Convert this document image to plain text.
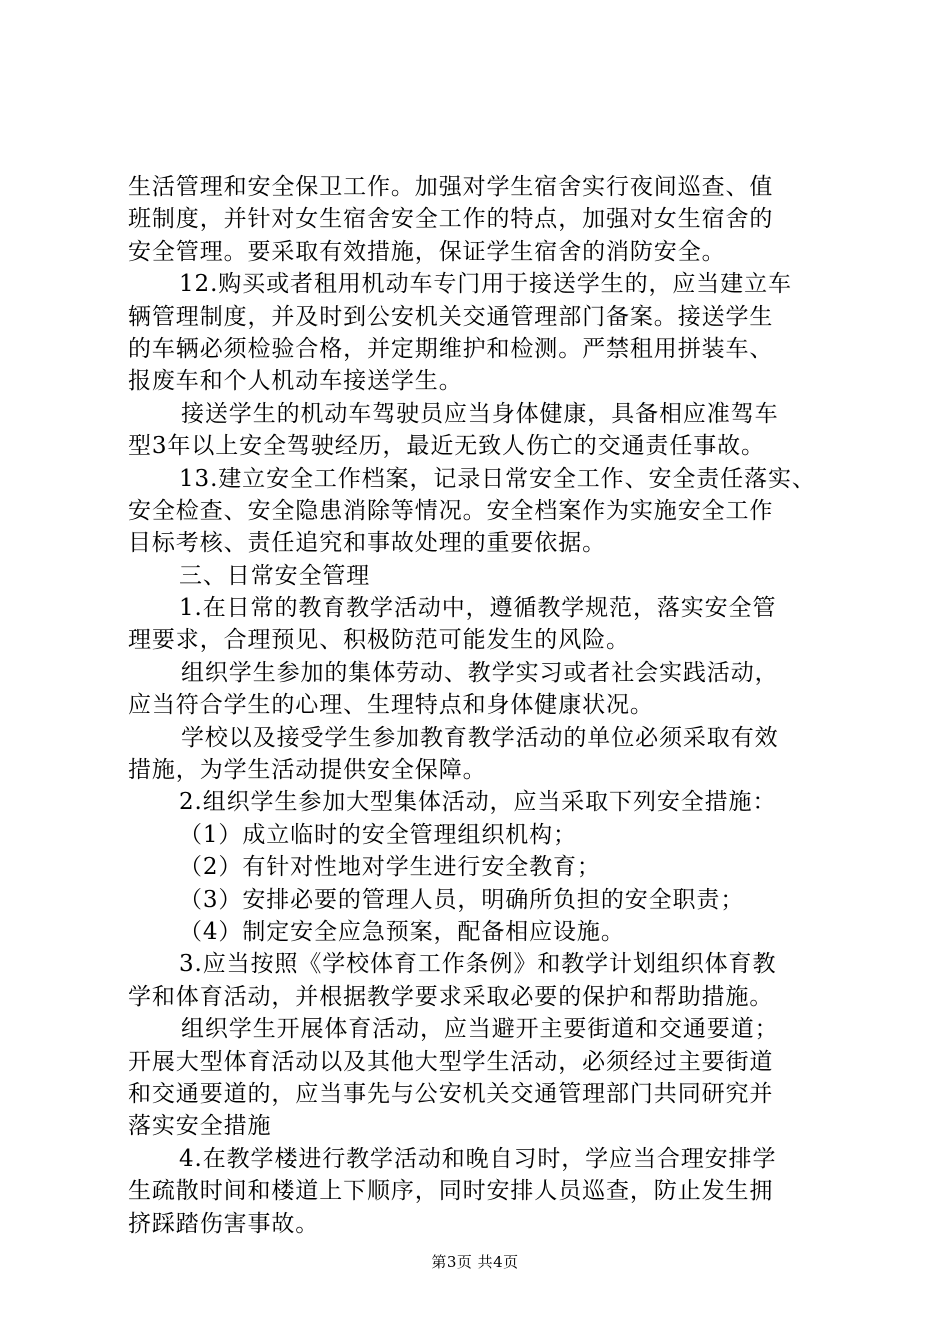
生活管理和安全保卫工作。加强对学生宿舍实行夜间巡查、值
班制度，并针对女生宿舍安全工作的特点，加强对女生宿舍的
安全管理。要采取有效措施，保证学生宿舍的消防安全。
12.购买或者租用机动车专门用于接送学生的，应当建立车
辆管理制度，并及时到公安机关交通管理部门备案。接送学生
的车辆必须检验合格，并定期维护和检测。严禁租用拼装车、
报废车和个人机动车接送学生。
接送学生的机动车驾驶员应当身体健康，具备相应准驾车
型3年以上安全驾驶经历，最近无致人伤亡的交通责任事故。
13.建立安全工作档案，记录日常安全工作、安全责任落实、
安全检查、安全隐患消除等情况。安全档案作为实施安全工作
目标考核、责任追究和事故处理的重要依据。
三、日常安全管理
1.在日常的教育教学活动中，遵循教学规范，落实安全管
理要求，合理预见、积极防范可能发生的风险。
组织学生参加的集体劳动、教学实习或者社会实践活动，
应当符合学生的心理、生理特点和身体健康状况。
学校以及接受学生参加教育教学活动的单位必须采取有效
措施，为学生活动提供安全保障。
2.组织学生参加大型集体活动，应当采取下列安全措施：
（1）成立临时的安全管理组织机构；
（2）有针对性地对学生进行安全教育；
（3）安排必要的管理人员，明确所负担的安全职责；
（4）制定安全应急预案，配备相应设施。
3.应当按照《学校体育工作条例》和教学计划组织体育教
学和体育活动，并根据教学要求采取必要的保护和帮助措施。
组织学生开展体育活动，应当避开主要街道和交通要道；
开展大型体育活动以及其他大型学生活动，必须经过主要街道
和交通要道的，应当事先与公安机关交通管理部门共同研究并
落实安全措施
4.在教学楼进行教学活动和晚自习时，学应当合理安排学
生疏散时间和楼道上下顺序，同时安排人员巡查，防止发生拥
挤踩踏伤害事故。
第3页 共4页
